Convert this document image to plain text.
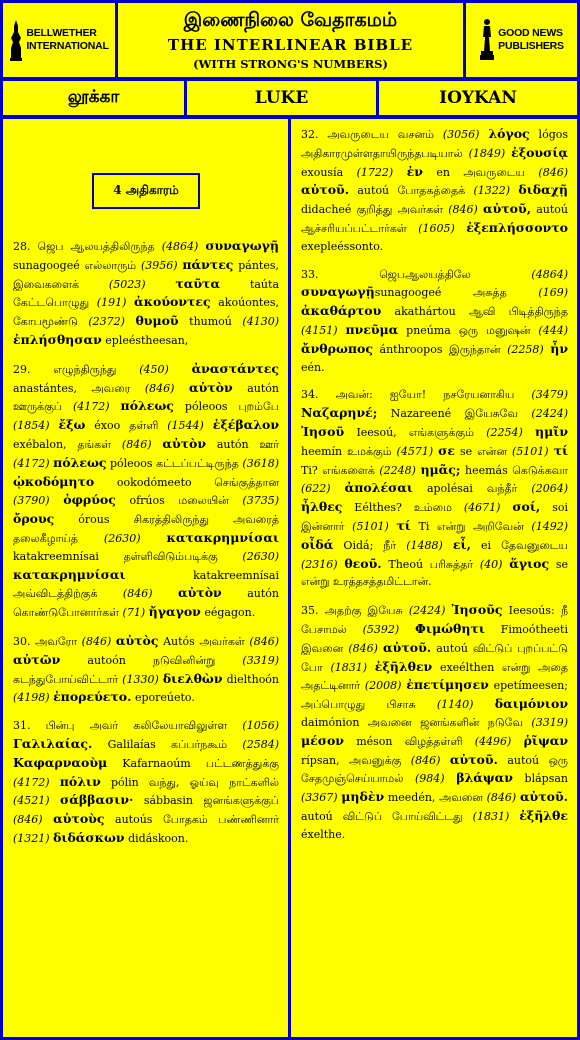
BELLWETHER
INTERNATIONAL
இணைநிலை வேதாகமம்
THE INTERLINEAR BIBLE
(WITH STRONG'S NUMBERS)
GOOD NEWS
PUBLISHERS
லூக்கா	LUKE	IOYKAN
4 அதிகாரம்

28. ஜெப ஆலயத்திலிருந்த (4864) συναγωγῇ sunagoogeé எல்லாரும் (3956) πάντες pántes, இவைகளைக் (5023) ταῦτα taúta கேட்டபொழுது (191) ἀκούοντες akoúontes, கோபமூண்டு (2372) θυμοῦ thumoú (4130) ἐπλήσθησαν epleéstheesan,

29. எழுந்திருந்து (450) ἀναστάντες anastántes, அவரை (846) αὐτὸν autón ஊருக்குப் (4172) πόλεως póleoos புறம்பே (1854) ἔξω éxoo தள்ளி (1544) ἐξέβαλον exébalon, தங்கள் (846) αὐτὸν autón ஊர் (4172) πόλεως póleoos கட்டப்பட்டிருந்த (3618) ᾠκοδόμητο ookodómeeto செங்குத்தான (3790) ὀφρύος ofrúos மலையின் (3735) ὄρους órous சிகரத்திலிருந்து அவரைத் தலைகீழாய்த் (2630) κατακρημνίσαι katakreemnísai தள்ளிவிடும்படிக்கு (2630) κατακρημνίσαι katakreemnísai அவ்விடத்திற்குக் (846) αὐτὸν autón கொண்டுபோனார்கள் (71) ἤγαγον eégagon.

30. அவரோ (846) αὐτὸς Autós அவர்கள் (846) αὐτῶν autoón நடுவினின்று (3319) கடந்துபோய்விட்டார் (1330) διελθὼν dielthoón (4198) ἐπορεύετο. eporeúeto.

31. பின்பு அவர் கலிலேயாவிலுள்ள (1056) Γαλιλαίας. Galilaías கப்பர்நகூம் (2584) Καφαρναοὺμ Kafarnaoúm பட்டணத்துக்கு (4172) πόλιν pólin வந்து, ஓய்வு நாட்களில் (4521) σάββασιν· sábbasin ஜனங்களுக்குப் (846) αὐτοὺς autoús போதகம் பண்ணினார் (1321) διδάσκων didáskoon.

32. அவருடைய வசனம் (3056) λόγος lógos அதிகாரமுள்ளதாயிருந்தபடியால் (1849) ἐξουσίᾳ exousía (1722) ἐν en அவருடைய (846) αὐτοῦ. autoú போதகத்தைக் (1322) διδαχῇ didacheé குறித்து அவர்கள் (846) αὐτοῦ, autoú ஆச்சரியப்பட்டார்கள் (1605) ἐξεπλήσσοντο exepleéssonto.

33. ஜெபஆலயத்திலே (4864) συναγωγῇsunagoogeé அசுத்த (169) ἀκαθάρτου akathártou ஆவி பிடித்திருந்த (4151) πνεῦμα pneúma ஒரு மனுஷன் (444) ἄνθρωπος ánthroopos இருந்தான் (2258) ἦν eén.

34. அவன்: ஐயோ! நசரேயனாகிய (3479) Ναζαρηνέ; Nazareené இயேசுவே (2424) Ἰησοῦ Ieesoú, எங்களுக்கும் (2254) ημῖν heemín உமக்கும் (4571) σε se என்ன (5101) τί Ti? எங்களைக் (2248) ημᾶς; heemás கெடுக்கவா (622) ἀπολέσαι apolésai வந்தீர் (2064) ἦλθες Eélthes? உம்மை (4671) σοί, soi இன்னார் (5101) τί Ti என்று அறிவேன் (1492) οἶδά Oidá; நீர் (1488) εἶ, ei தேவனுடைய (2316) θεοῦ. Theoú பரிசுத்தர் (40) ἅγιος se என்று உரத்தசத்தமிட்டான்.

35. அதற்கு இயேசு (2424) Ἰησοῦς Ieesoús: நீ பேசாமல் (5392) Φιμώθητι Fimoótheeti இவனை (846) αὐτοῦ. autoú விட்டுப் புறப்பட்டு போ (1831) ἐξῆλθεν exeélthen என்று அதை அதட்டினார் (2008) ἐπετίμησεν epetímeesen; அப்பொழுது பிசாசு (1140) δαιμόνιον daimónion அவனை ஜனங்களின் நடுவே (3319) μέσον méson விழத்தள்ளி (4496) ῥῖψαν rípsan, அவனுக்கு (846) αὐτοῦ. autoú ஒரு சேதமுஞ்செய்யாமல் (984) βλάψαν blápsan (3367) μηδὲν meedén, அவனை (846) αὐτοῦ. autoú விட்டுப் போய்விட்டது (1831) ἐξῆλθε éxelthe.
